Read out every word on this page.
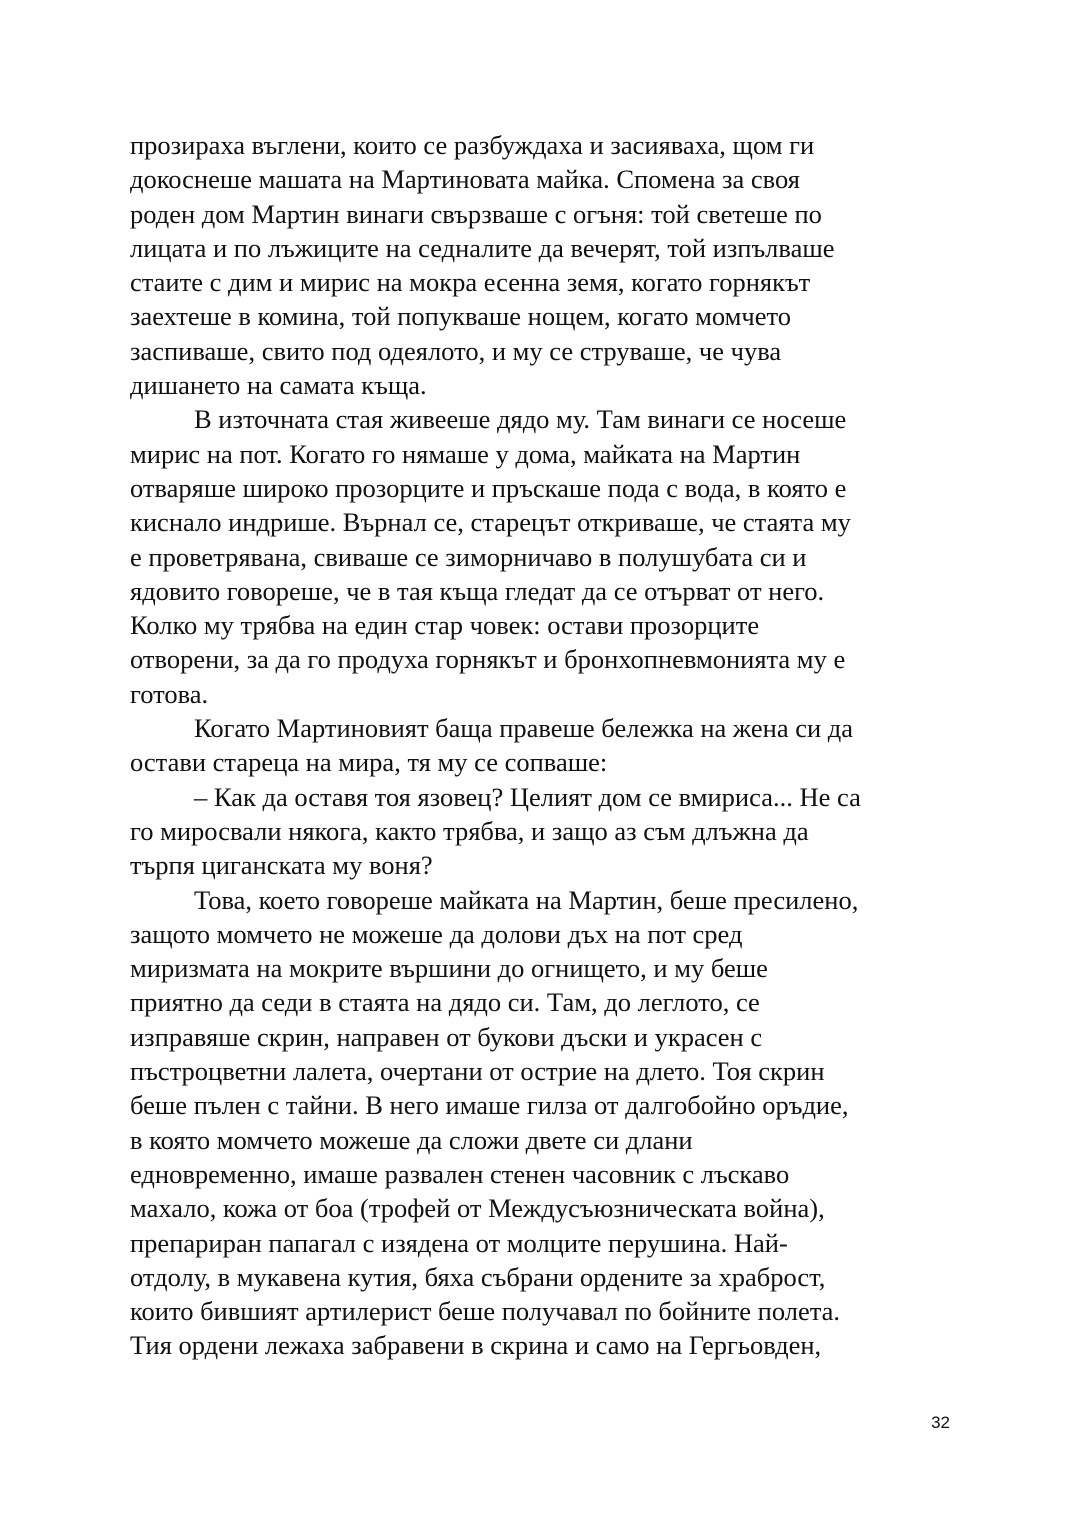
прозираха въглени, които се разбуждаха и засияваха, щом ги
докоснеше машата на Мартиновата майка. Спомена за своя
роден дом Мартин винаги свързваше с огъня: той светеше по
лицата и по лъжиците на седналите да вечерят, той изпълваше
стаите с дим и мирис на мокра есенна земя, когато горнякът
заехтеше в комина, той попукваше нощем, когато момчето
заспиваше, свито под одеялото, и му се струваше, че чува
дишането на самата къща.
В източната стая живееше дядо му. Там винаги се носеше
мирис на пот. Когато го нямаше у дома, майката на Мартин
отваряше широко прозорците и пръскаше пода с вода, в която е
киснало индрише. Върнал се, старецът откриваше, че стаята му
е проветрявана, свиваше се зиморничаво в полушубата си и
ядовито говореше, че в тая къща гледат да се отърват от него.
Колко му трябва на един стар човек: остави прозорците
отворени, за да го продуха горнякът и бронхопневмонията му е
готова.
Когато Мартиновият баща правеше бележка на жена си да
остави стареца на мира, тя му се сопваше:
– Как да оставя тоя язовец? Целият дом се вмириса... Не са
го миросвали някога, както трябва, и защо аз съм длъжна да
търпя циганската му воня?
Това, което говореше майката на Мартин, беше пресилено,
защото момчето не можеше да долови дъх на пот сред
миризмата на мокрите вършини до огнището, и му беше
приятно да седи в стаята на дядо си. Там, до леглото, се
изправяше скрин, направен от букови дъски и украсен с
пъстроцветни лалета, очертани от острие на длето. Тоя скрин
беше пълен с тайни. В него имаше гилза от далгобойно оръдие,
в която момчето можеше да сложи двете си длани
едновременно, имаше развален стенен часовник с лъскаво
махало, кожа от боа (трофей от Междусъюзническата война),
препариран папагал с изядена от молците перушина. Най-
отдолу, в мукавена кутия, бяха събрани ордените за храброст,
които бившият артилерист беше получавал по бойните полета.
Тия ордени лежаха забравени в скрина и само на Гергьовден,
32
